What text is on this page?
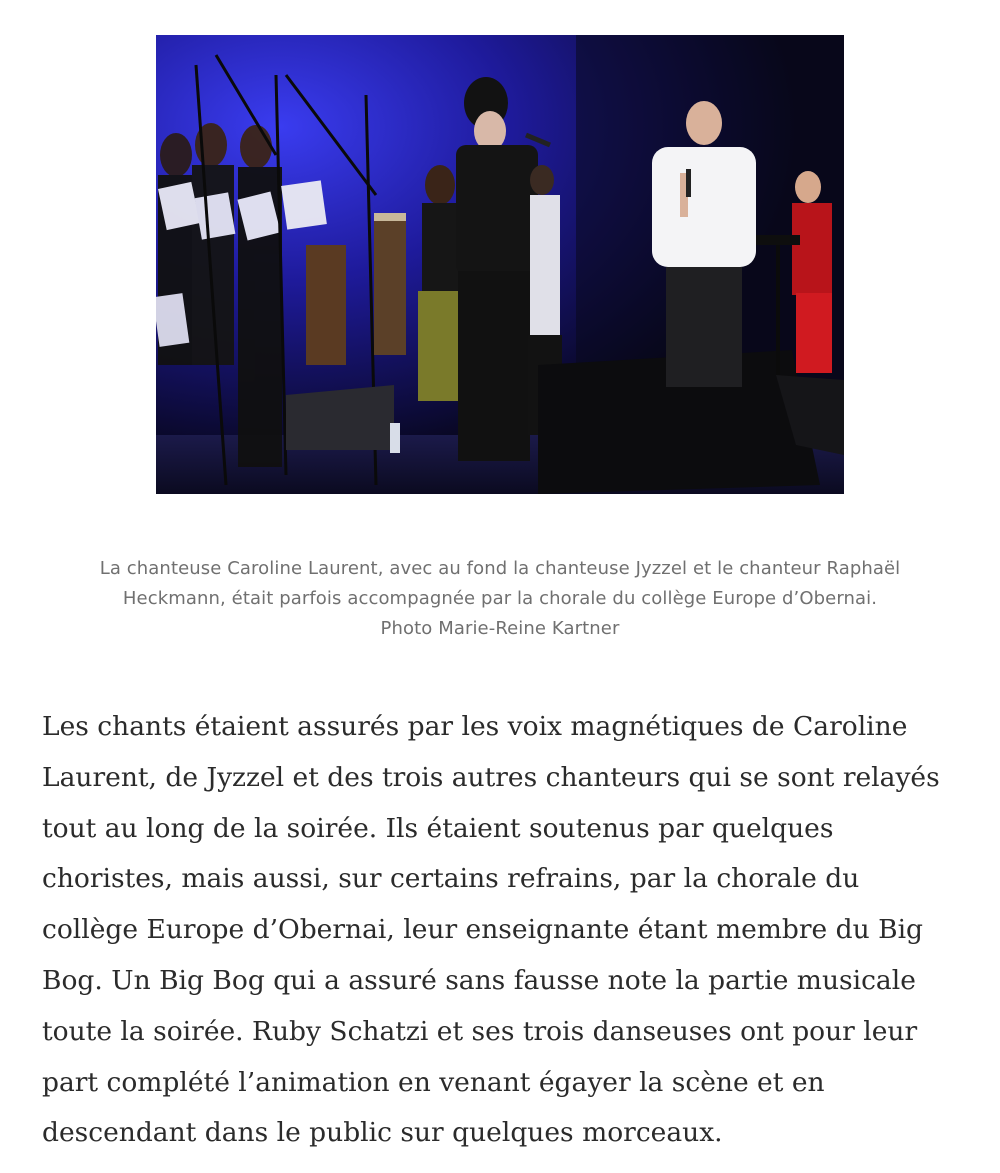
La chanteuse Caroline Laurent, avec au fond la chanteuse Jyzzel et le chanteur Raphaël Heckmann, était parfois accompagnée par la chorale du collège Europe d’Obernai.
Photo Marie-Reine Kartner

Les chants étaient assurés par les voix magnétiques de Caroline Laurent, de Jyzzel et des trois autres chanteurs qui se sont relayés tout au long de la soirée. Ils étaient soutenus par quelques choristes, mais aussi, sur certains refrains, par la chorale du collège Europe d’Obernai, leur enseignante étant membre du Big Bog. Un Big Bog qui a assuré sans fausse note la partie musicale toute la soirée. Ruby Schatzi et ses trois danseuses ont pour leur part complété l’animation en venant égayer la scène et en descendant dans le public sur quelques morceaux.
